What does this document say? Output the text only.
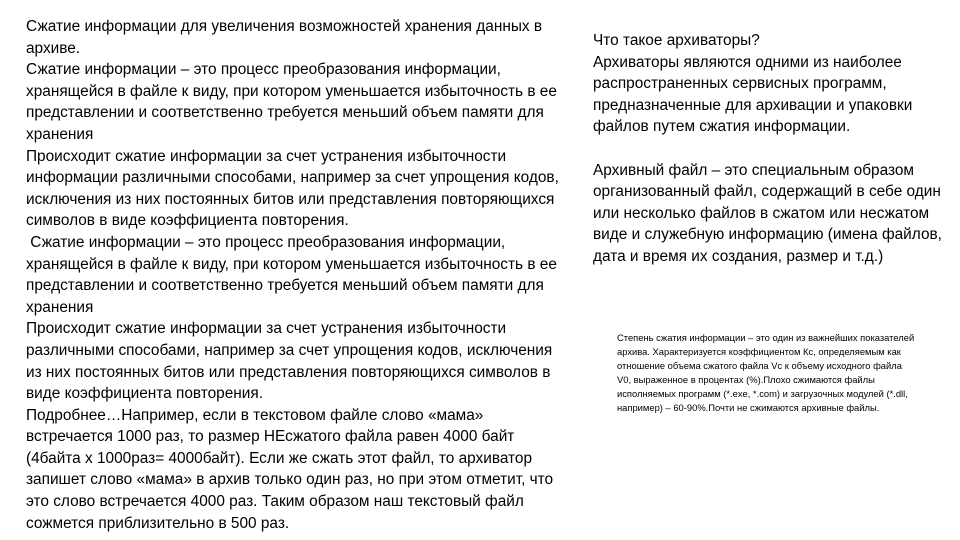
Сжатие информации для увеличения возможностей хранения данных в архиве.

Сжатие информации – это процесс преобразования информации, хранящейся в файле к виду, при котором уменьшается избыточность в ее представлении и соответственно требуется меньший объем памяти для хранения

Происходит сжатие информации за счет устранения избыточности информации различными способами, например за счет упрощения кодов, исключения из них постоянных битов или представления повторяющихся символов в виде коэффициента повторения.

Сжатие информации – это процесс преобразования информации, хранящейся в файле к виду, при котором уменьшается избыточность в ее представлении и соответственно требуется меньший объем памяти для хранения

Происходит сжатие информации за счет устранения избыточности различными способами, например за счет упрощения кодов, исключения из них постоянных битов или представления повторяющихся символов в виде коэффициента повторения.

Подробнее…Например, если в текстовом файле слово «мама» встречается 1000 раз, то размер НЕсжатого файла равен 4000 байт (4байта х 1000раз= 4000байт). Если же сжать этот файл, то архиватор запишет слово «мама» в архив только один раз, но при этом отметит, что это слово встречается 4000 раз. Таким образом наш текстовый файл сожмется приблизительно в 500 раз.

Что такое архиваторы?

Архиваторы являются одними из наиболее распространенных сервисных программ, предназначенные для архивации и упаковки файлов путем сжатия информации.

Архивный файл – это специальным образом организованный файл, содержащий в себе один или несколько файлов в сжатом или несжатом виде и служебную информацию (имена файлов, дата и время их создания, размер и т.д.)

Степень сжатия информации – это один из важнейших показателей архива. Характеризуется коэффициентом Кс, определяемым как отношение объема сжатого файла Vc к объему исходного файла V0, выраженное в процентах (%).Плохо сжимаются файлы исполняемых программ (*.exe, *.com) и загрузочных модулей (*.dll, например) – 60-90%.Почти не сжимаются архивные файлы.
